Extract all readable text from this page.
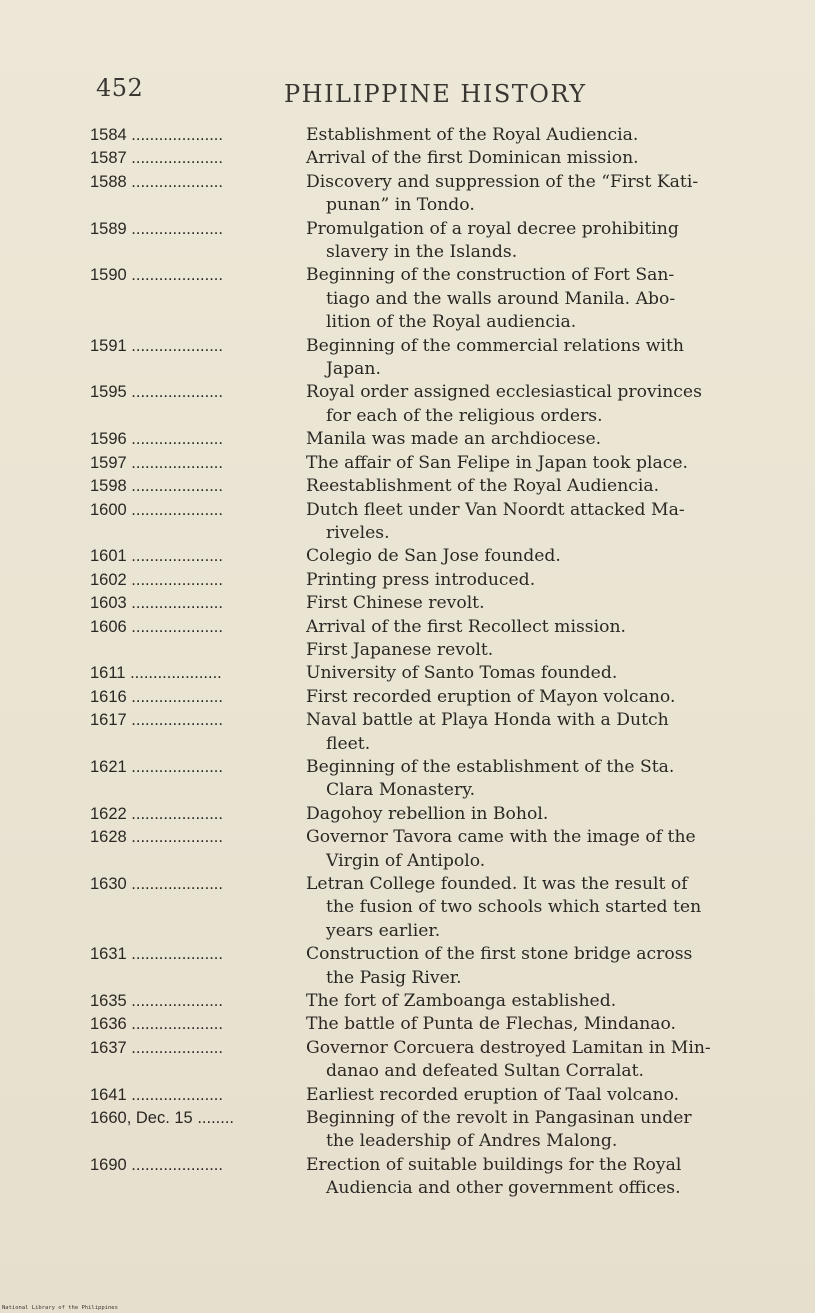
452	PHILIPPINE HISTORY
1584 ....................	Establishment of the Royal Audiencia.
1587 ....................	Arrival of the first Dominican mission.
1588 ....................	Discovery and suppression of the “First Kati-
punan” in Tondo.
1589 ....................	Promulgation of a royal decree prohibiting
slavery in the Islands.
1590 ....................	Beginning of the construction of Fort San-
tiago and the walls around Manila. Abo-
lition of the Royal audiencia.
1591 ....................	Beginning of the commercial relations with
Japan.
1595 ....................	Royal order assigned ecclesiastical provinces
for each of the religious orders.
1596 ....................	Manila was made an archdiocese.
1597 ....................	The affair of San Felipe in Japan took place.
1598 ....................	Reestablishment of the Royal Audiencia.
1600 ....................	Dutch fleet under Van Noordt attacked Ma-
riveles.
1601 ....................	Colegio de San Jose founded.
1602 ....................	Printing press introduced.
1603 ....................	First Chinese revolt.
1606 ....................	Arrival of the first Recollect mission.
First Japanese revolt.
1611 ....................	University of Santo Tomas founded.
1616 ....................	First recorded eruption of Mayon volcano.
1617 ....................	Naval battle at Playa Honda with a Dutch
fleet.
1621 ....................	Beginning of the establishment of the Sta.
Clara Monastery.
1622 ....................	Dagohoy rebellion in Bohol.
1628 ....................	Governor Tavora came with the image of the
Virgin of Antipolo.
1630 ....................	Letran College founded. It was the result of
the fusion of two schools which started ten
years earlier.
1631 ....................	Construction of the first stone bridge across
the Pasig River.
1635 ....................	The fort of Zamboanga established.
1636 ....................	The battle of Punta de Flechas, Mindanao.
1637 ....................	Governor Corcuera destroyed Lamitan in Min-
danao and defeated Sultan Corralat.
1641 ....................	Earliest recorded eruption of Taal volcano.
1660, Dec. 15 ........	Beginning of the revolt in Pangasinan under
the leadership of Andres Malong.
1690 ....................	Erection of suitable buildings for the Royal
Audiencia and other government offices.
National Library of the Philippines
